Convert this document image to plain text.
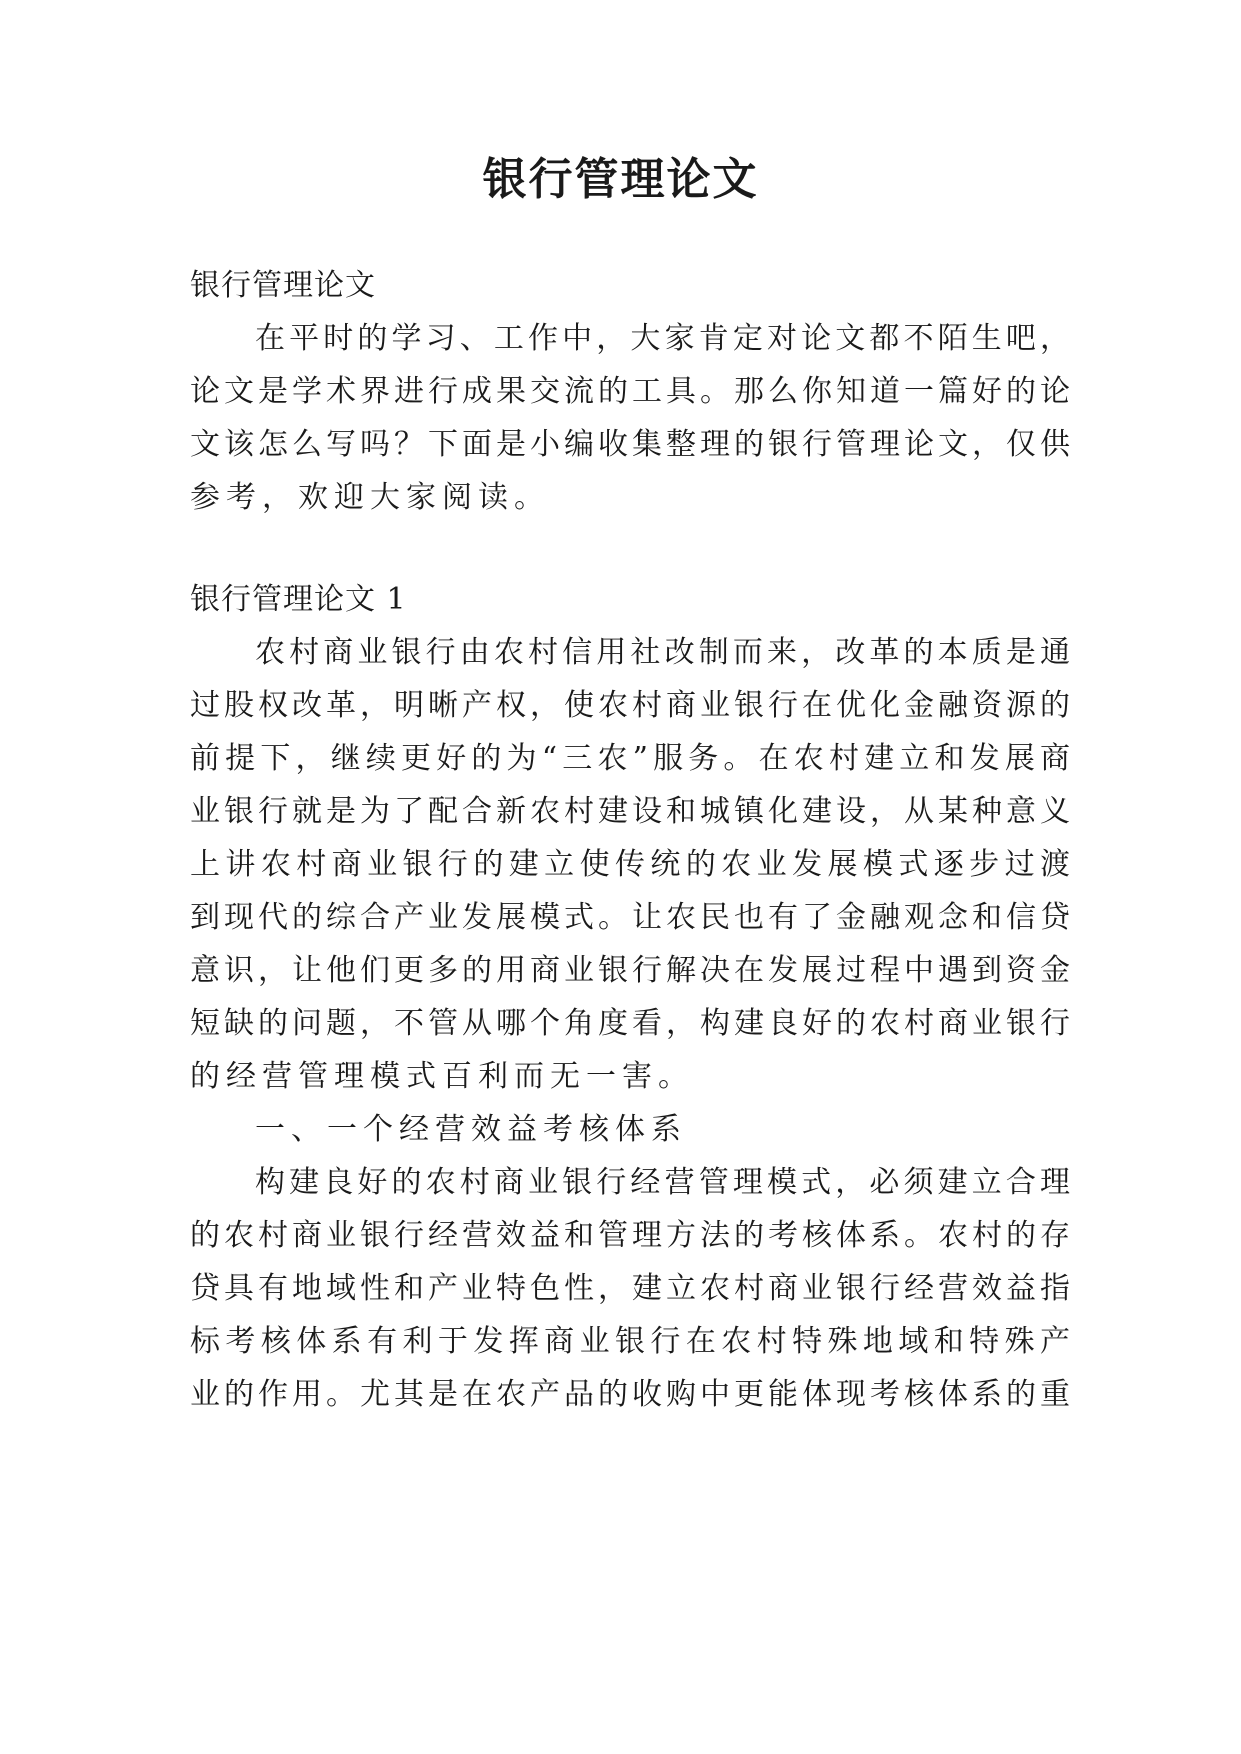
银行管理论文

银行管理论文

在平时的学习、工作中，大家肯定对论文都不陌生吧，

论文是学术界进行成果交流的工具。那么你知道一篇好的论

文该怎么写吗？下面是小编收集整理的银行管理论文，仅供

参考，欢迎大家阅读。

银行管理论文 1

农村商业银行由农村信用社改制而来，改革的本质是通

过股权改革，明晰产权，使农村商业银行在优化金融资源的

前提下，继续更好的为“三农”服务。在农村建立和发展商

业银行就是为了配合新农村建设和城镇化建设，从某种意义

上讲农村商业银行的建立使传统的农业发展模式逐步过渡

到现代的综合产业发展模式。让农民也有了金融观念和信贷

意识，让他们更多的用商业银行解决在发展过程中遇到资金

短缺的问题，不管从哪个角度看，构建良好的农村商业银行

的经营管理模式百利而无一害。

一、一个经营效益考核体系

构建良好的农村商业银行经营管理模式，必须建立合理

的农村商业银行经营效益和管理方法的考核体系。农村的存

贷具有地域性和产业特色性，建立农村商业银行经营效益指

标考核体系有利于发挥商业银行在农村特殊地域和特殊产

业的作用。尤其是在农产品的收购中更能体现考核体系的重
